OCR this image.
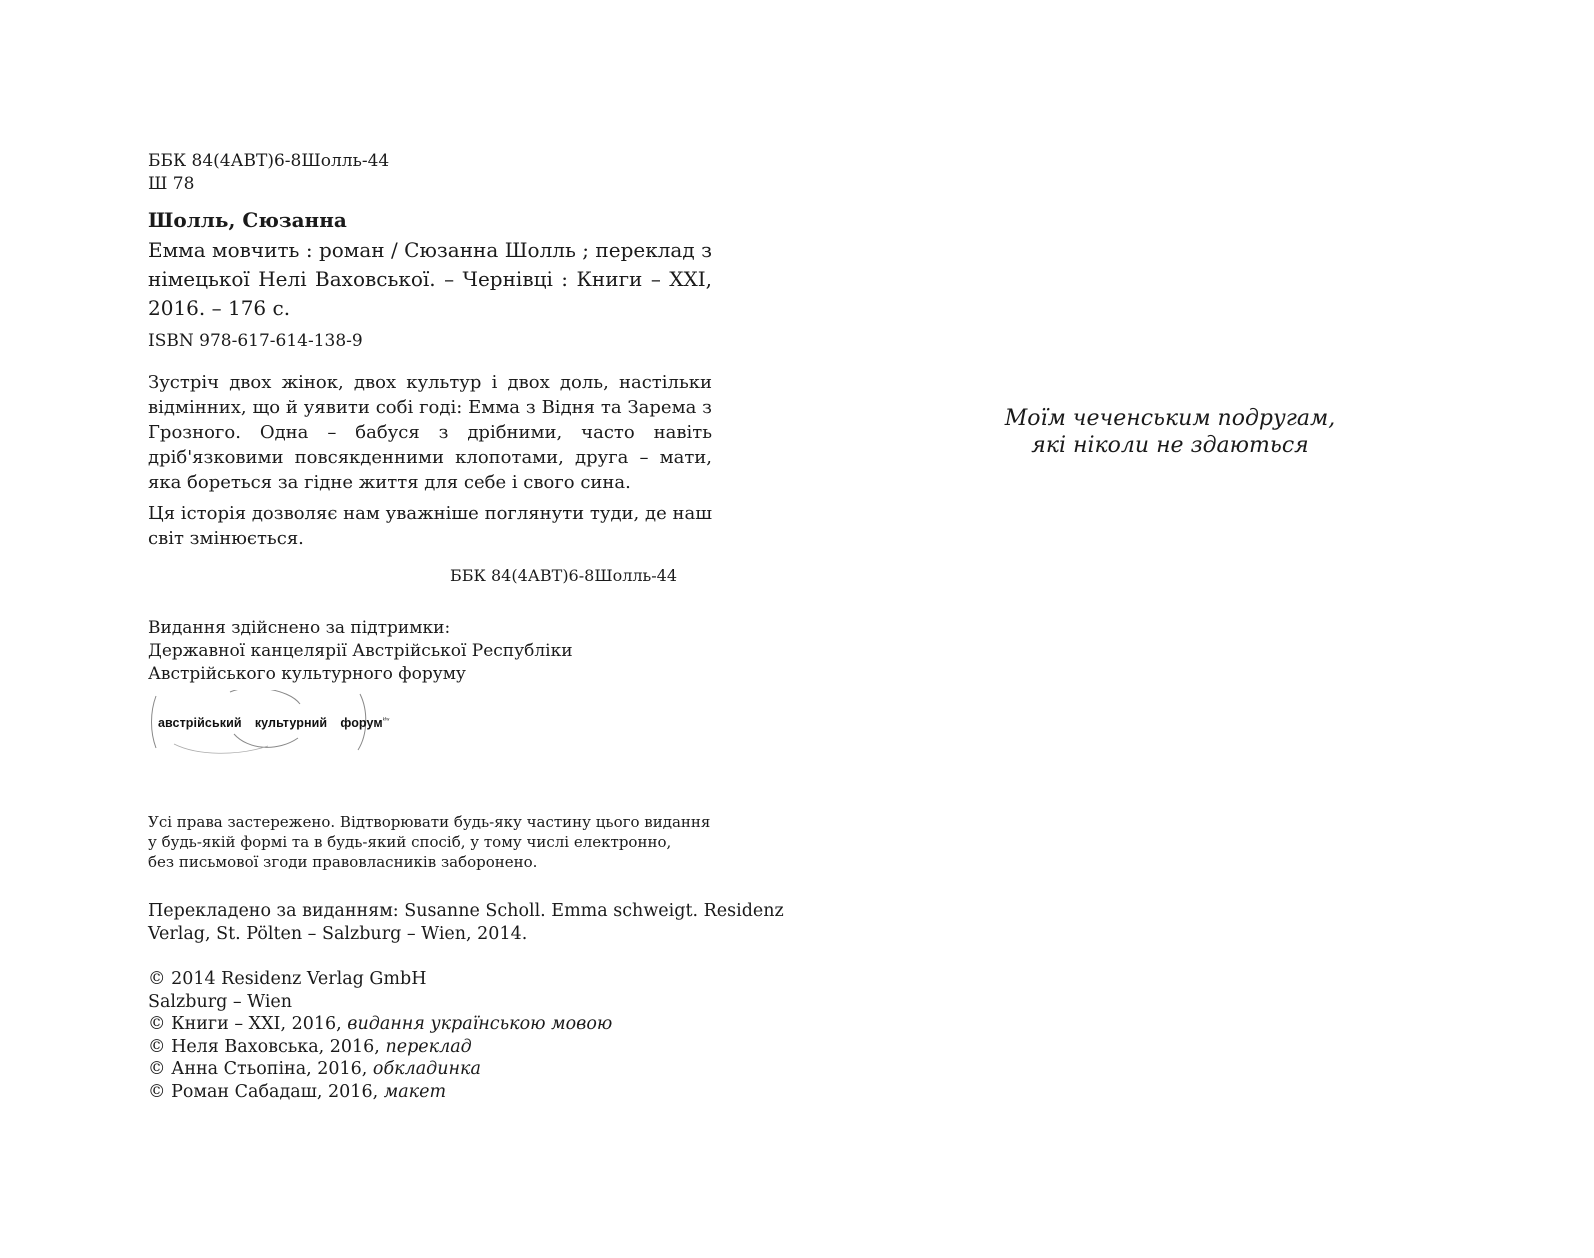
ББК 84(4АВТ)6-8Шолль-44
Ш 78
Шолль, Сюзанна
Емма мовчить : роман / Сюзанна Шолль ; переклад з
німецької Нелі Ваховської. – Чернівці : Книги – ХХІ,
2016. – 176 с.
ISBN 978-617-614-138-9

Зустріч двох жінок, двох культур і двох доль, настільки відмінних, що й уявити собі годі: Емма з Відня та Зарема з Грозного. Одна – бабуся з дрібними, часто навіть дріб'язковими повсякденними клопотами, друга – мати, яка бореться за гідне життя для себе і свого сина.

Ця історія дозволяє нам уважніше поглянути туди, де наш світ змінюється.

ББК 84(4АВТ)6-8Шолль-44
Видання здійснено за підтримки:
Державної канцелярії Австрійської Республіки
Австрійського культурного форуму
австрійський культурний форум$^{ᵏᶠʷ}$
Усі права застережено. Відтворювати будь-яку частину цього видання
у будь-якій формі та в будь-який спосіб, у тому числі електронно,
без письмової згоди правовласників заборонено.
Перекладено за виданням: Susanne Scholl. Emma schweigt. Residenz
Verlag, St. Pölten – Salzburg – Wien, 2014.
© 2014 Residenz Verlag GmbH
Salzburg – Wien
© Книги – ХХІ, 2016, видання українською мовою
© Неля Ваховська, 2016, переклад
© Анна Стьопіна, 2016, обкладинка
© Роман Сабадаш, 2016, макет
Моїм чеченським подругам,
які ніколи не здаються
